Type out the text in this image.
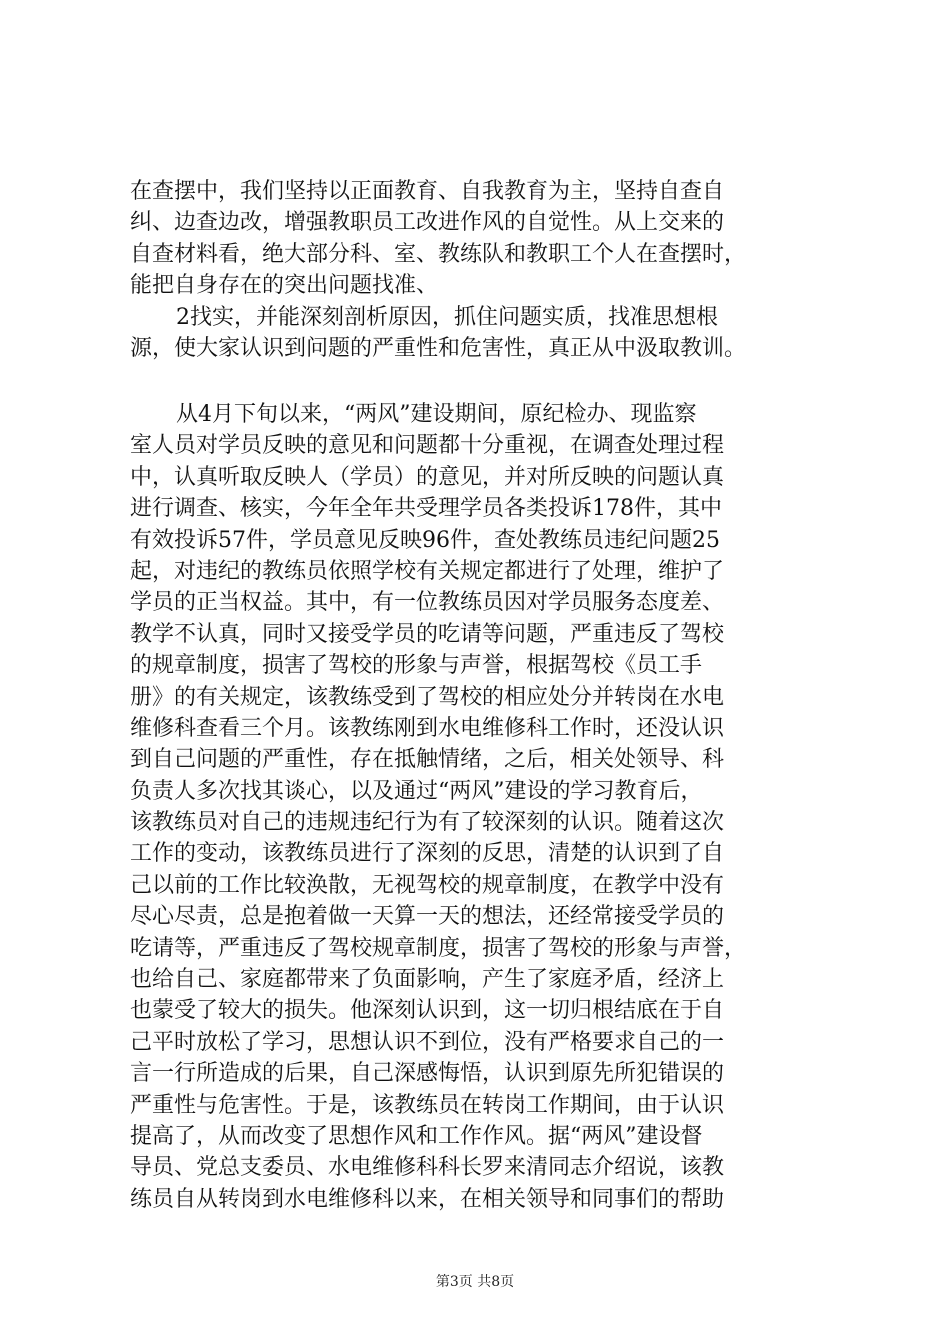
在查摆中，我们坚持以正面教育、自我教育为主，坚持自查自
纠、边查边改，增强教职员工改进作风的自觉性。从上交来的
自查材料看，绝大部分科、室、教练队和教职工个人在查摆时，
能把自身存在的突出问题找准、
2找实，并能深刻剖析原因，抓住问题实质，找准思想根
源，使大家认识到问题的严重性和危害性，真正从中汲取教训。
从4月下旬以来，“两风”建设期间，原纪检办、现监察
室人员对学员反映的意见和问题都十分重视，在调查处理过程
中，认真听取反映人（学员）的意见，并对所反映的问题认真
进行调查、核实，今年全年共受理学员各类投诉178件，其中
有效投诉57件，学员意见反映96件，查处教练员违纪问题25
起，对违纪的教练员依照学校有关规定都进行了处理，维护了
学员的正当权益。其中，有一位教练员因对学员服务态度差、
教学不认真，同时又接受学员的吃请等问题，严重违反了驾校
的规章制度，损害了驾校的形象与声誉，根据驾校《员工手
册》的有关规定，该教练受到了驾校的相应处分并转岗在水电
维修科查看三个月。该教练刚到水电维修科工作时，还没认识
到自己问题的严重性，存在抵触情绪，之后，相关处领导、科
负责人多次找其谈心，以及通过“两风”建设的学习教育后，
该教练员对自己的违规违纪行为有了较深刻的认识。随着这次
工作的变动，该教练员进行了深刻的反思，清楚的认识到了自
己以前的工作比较涣散，无视驾校的规章制度，在教学中没有
尽心尽责，总是抱着做一天算一天的想法，还经常接受学员的
吃请等，严重违反了驾校规章制度，损害了驾校的形象与声誉，
也给自己、家庭都带来了负面影响，产生了家庭矛盾，经济上
也蒙受了较大的损失。他深刻认识到，这一切归根结底在于自
己平时放松了学习，思想认识不到位，没有严格要求自己的一
言一行所造成的后果，自己深感悔悟，认识到原先所犯错误的
严重性与危害性。于是，该教练员在转岗工作期间，由于认识
提高了，从而改变了思想作风和工作作风。据“两风”建设督
导员、党总支委员、水电维修科科长罗来清同志介绍说，该教
练员自从转岗到水电维修科以来，在相关领导和同事们的帮助
第3页 共8页
